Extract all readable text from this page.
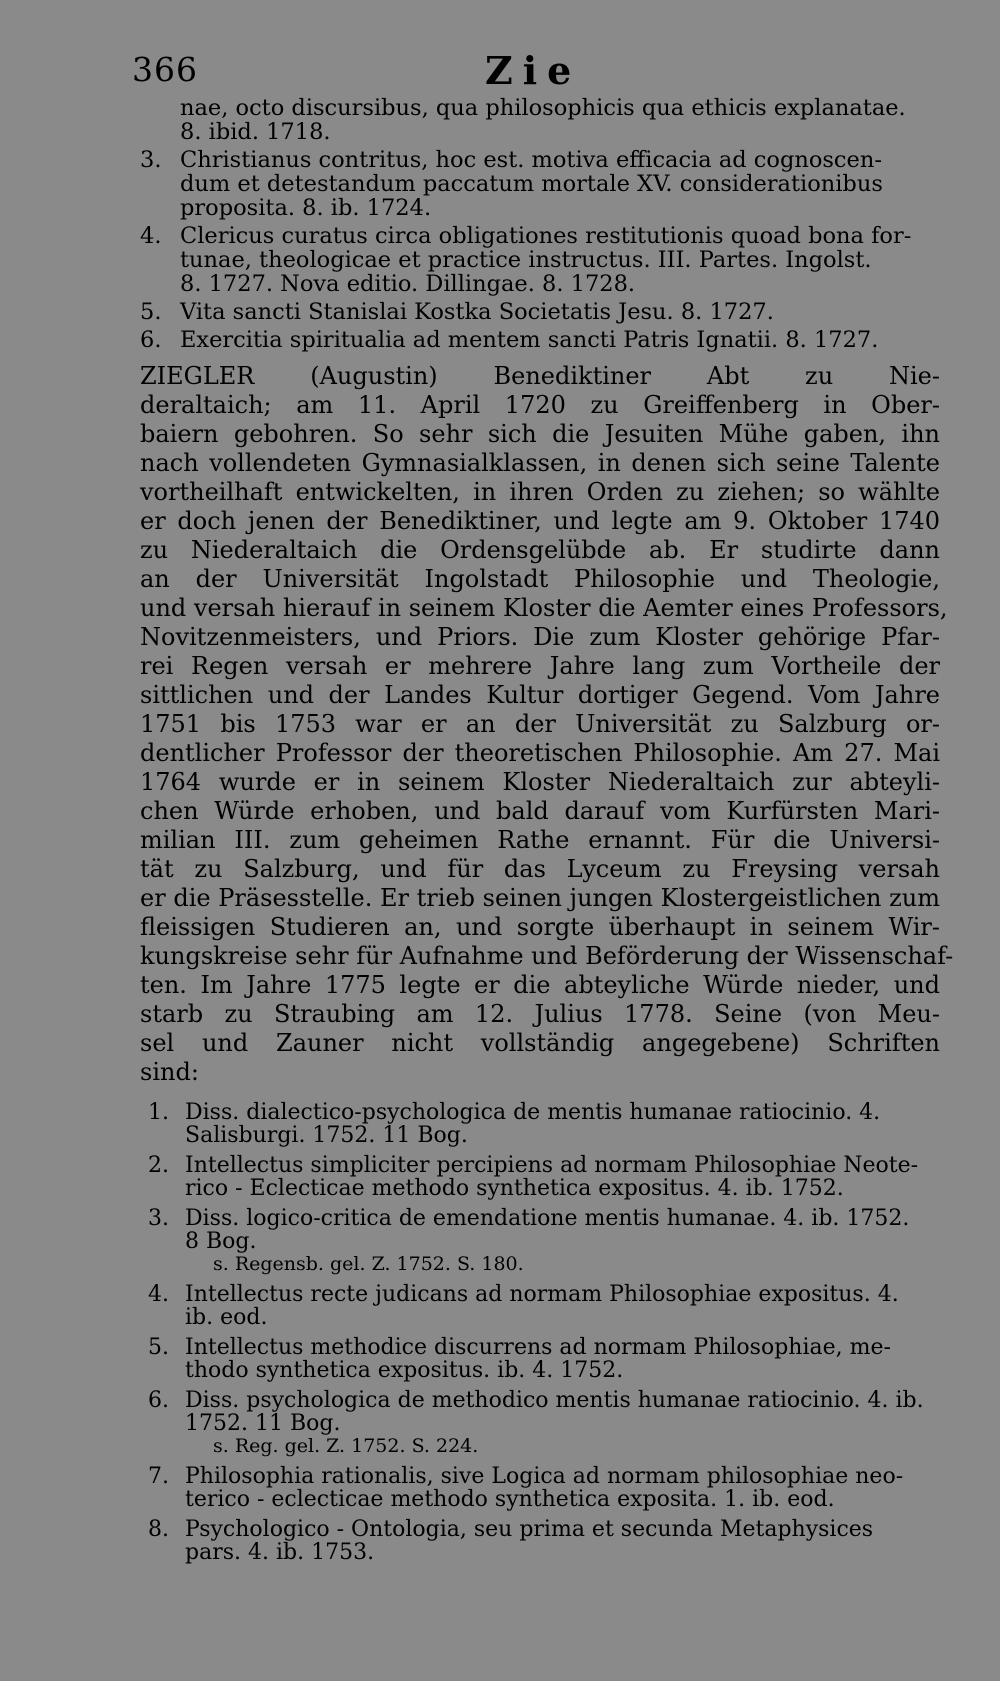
366	Zie
nae, octo discursibus, qua philosophicis qua ethicis explanatae.
8. ibid. 1718.
3. Christianus contritus, hoc est. motiva efficacia ad cognoscen-
dum et detestandum paccatum mortale XV. considerationibus
proposita. 8. ib. 1724.
4. Clericus curatus circa obligationes restitutionis quoad bona for-
tunae, theologicae et practice instructus. III. Partes. Ingolst.
8. 1727. Nova editio. Dillingae. 8. 1728.
5. Vita sancti Stanislai Kostka Societatis Jesu. 8. 1727.
6. Exercitia spiritualia ad mentem sancti Patris Ignatii. 8. 1727.
ZIEGLER (Augustin) Benediktiner Abt zu Nie-
deraltaich; am 11. April 1720 zu Greiffenberg in Ober-
baiern gebohren. So sehr sich die Jesuiten Mühe gaben, ihn
nach vollendeten Gymnasialklassen, in denen sich seine Talente
vortheilhaft entwickelten, in ihren Orden zu ziehen; so wählte
er doch jenen der Benediktiner, und legte am 9. Oktober 1740
zu Niederaltaich die Ordensgelübde ab. Er studirte dann
an der Universität Ingolstadt Philosophie und Theologie,
und versah hierauf in seinem Kloster die Aemter eines Professors,
Novitzenmeisters, und Priors. Die zum Kloster gehörige Pfar-
rei Regen versah er mehrere Jahre lang zum Vortheile der
sittlichen und der Landes Kultur dortiger Gegend. Vom Jahre
1751 bis 1753 war er an der Universität zu Salzburg or-
dentlicher Professor der theoretischen Philosophie. Am 27. Mai
1764 wurde er in seinem Kloster Niederaltaich zur abteyli-
chen Würde erhoben, und bald darauf vom Kurfürsten Mari-
milian III. zum geheimen Rathe ernannt. Für die Universi-
tät zu Salzburg, und für das Lyceum zu Freysing versah
er die Präsesstelle. Er trieb seinen jungen Klostergeistlichen zum
fleissigen Studieren an, und sorgte überhaupt in seinem Wir-
kungskreise sehr für Aufnahme und Beförderung der Wissenschaf-
ten. Im Jahre 1775 legte er die abteyliche Würde nieder, und
starb zu Straubing am 12. Julius 1778. Seine (von Meu-
sel und Zauner nicht vollständig angegebene) Schriften
sind:
1. Diss. dialectico-psychologica de mentis humanae ratiocinio. 4.
Salisburgi. 1752. 11 Bog.
2. Intellectus simpliciter percipiens ad normam Philosophiae Neote-
rico - Eclecticae methodo synthetica expositus. 4. ib. 1752.
3. Diss. logico-critica de emendatione mentis humanae. 4. ib. 1752.
8 Bog.
s. Regensb. gel. Z. 1752. S. 180.
4. Intellectus recte judicans ad normam Philosophiae expositus. 4.
ib. eod.
5. Intellectus methodice discurrens ad normam Philosophiae, me-
thodo synthetica expositus. ib. 4. 1752.
6. Diss. psychologica de methodico mentis humanae ratiocinio. 4. ib.
1752. 11 Bog.
s. Reg. gel. Z. 1752. S. 224.
7. Philosophia rationalis, sive Logica ad normam philosophiae neo-
terico - eclecticae methodo synthetica exposita. 1. ib. eod.
8. Psychologico - Ontologia, seu prima et secunda Metaphysices
pars. 4. ib. 1753.
